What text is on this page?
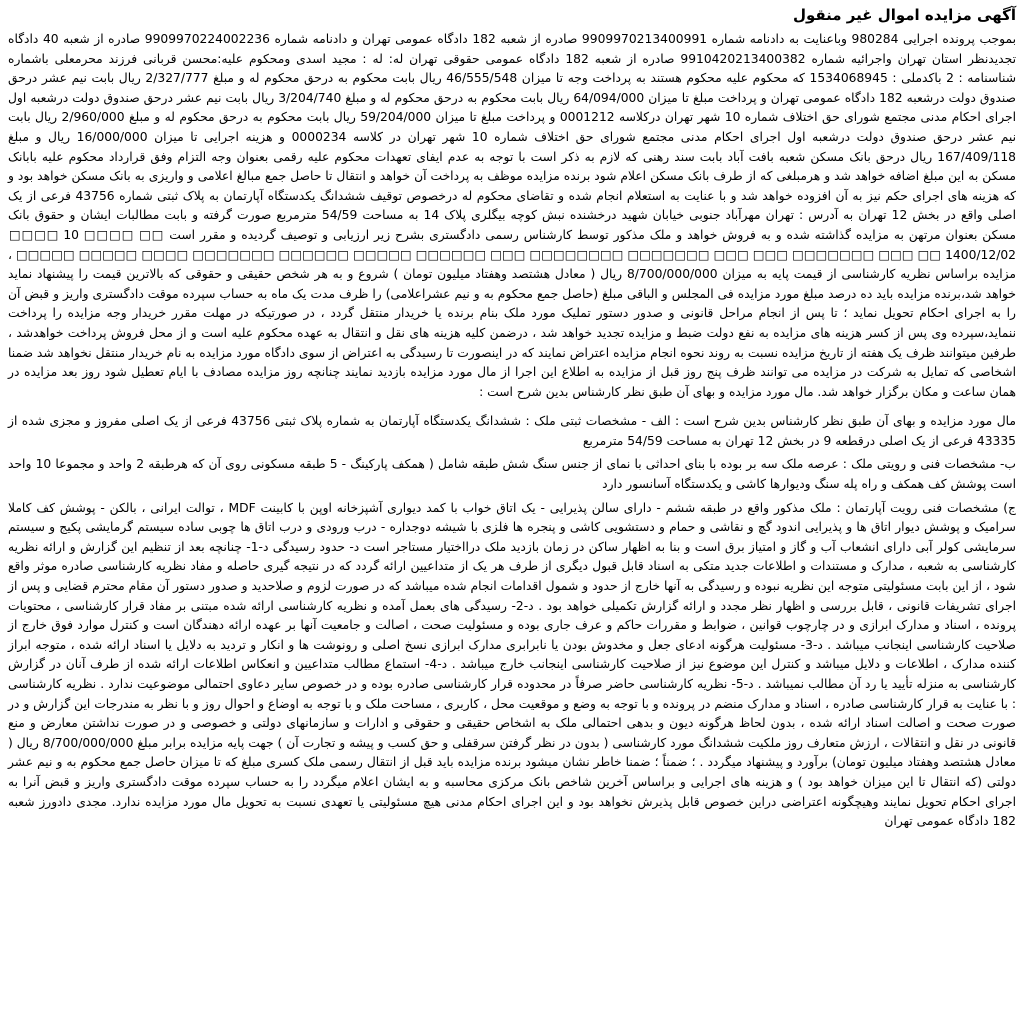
آگهی مزایده اموال غیر منقول
بموجب پرونده اجرایی 980284 وباعنایت به دادنامه شماره 9909970213400991 صادره از شعبه 182 دادگاه عمومی تهران و دادنامه شماره 9909970224002236 صادره از شعبه 40 دادگاه تجدیدنظر استان تهران واجرائیه شماره 9910420213400382 صادره از شعبه 182 دادگاه عمومی حقوقی تهران له: له : مجید اسدی ومحکوم علیه:محسن قربانی فرزند محرمعلی باشماره شناسنامه : 2 باکدملی : 1534068945 که محکوم علیه محکوم هستند به پرداخت وجه تا میزان 46/555/548 ریال بابت محکوم به درحق محکوم له و مبلغ 2/327/777 ریال بابت نیم عشر درحق صندوق دولت درشعبه 182 دادگاه عمومی تهران و پرداخت مبلغ تا میزان 64/094/000 ریال بابت محکوم به درحق محکوم له و مبلغ 3/204/740 ریال بابت نیم عشر درحق صندوق دولت درشعبه اول اجرای احکام مدنی مجتمع شورای حق اختلاف شماره 10 شهر تهران درکلاسه 0001212 و پرداخت مبلغ تا میزان 59/204/000 ریال بابت محکوم به درحق محکوم له و مبلغ 2/960/000 ریال بابت نیم عشر درحق صندوق دولت درشعبه اول اجرای احکام مدنی مجتمع شورای حق اختلاف شماره 10 شهر تهران در کلاسه 0000234 و هزینه اجرایی تا میزان 16/000/000 ریال و مبلغ 167/409/118 ریال درحق بانک مسکن شعبه بافت آباد بابت سند رهنی که لازم به ذکر است با توجه به عدم ایفای تعهدات محکوم علیه رقمی بعنوان وجه التزام وفق قرارداد محکوم علیه بابانک مسکن به این مبلغ اضافه خواهد شد و هرمبلغی که از طرف بانک مسکن اعلام شود برنده مزایده موظف به پرداخت آن خواهد و انتقال تا حاصل جمع مبالغ اعلامی و واریزی به بانک مسکن خواهد بود و که هزینه های اجرای حکم نیز به آن افزوده خواهد شد و با عنایت به استعلام انجام شده و تقاضای محکوم له درخصوص توقیف ششدانگ یکدستگاه آپارتمان به پلاک ثبتی شماره 43756 فرعی از یک اصلی واقع در بخش 12 تهران به آدرس : تهران مهرآباد جنوبی خیابان شهید درخشنده نبش کوچه بیگلری پلاک 14 به مساحت 54/59 مترمربع صورت گرفته و بابت مطالبات ایشان و حقوق بانک مسکن بعنوان مرتهن به مزایده گذاشته شده و به فروش خواهد و ملک مذکور توسط کارشناس رسمی دادگستری بشرح زیر ارزیابی و توصیف گردیده و مقرر است □□ □□□□ 10 □□□□ 1400/12/02 □□ □□□ □□□□□□□ □□□ □□□ □□□□□□□ □□□□□□□□ □□□ □□□□□□ □□□□□ □□□□□□ □□□□□□□ □□□□ □□□□□ □□□□□ ، مزایده براساس نظریه کارشناسی از قیمت پایه به میزان 8/700/000/000 ریال ( معادل هشتصد وهفتاد میلیون تومان ) شروع و به هر شخص حقیقی و حقوقی که بالاترین قیمت را پیشنهاد نماید خواهد شد،برنده مزایده باید ده درصد مبلغ مورد مزایده فی المجلس و الباقی مبلغ (حاصل جمع محکوم به و نیم عشراعلامی) را ظرف مدت یک ماه به حساب سپرده موقت دادگستری واریز و قبض آن را به اجرای احکام تحویل نماید ؛ تا پس از انجام مراحل قانونی و صدور دستور تملیک مورد ملک بنام برنده یا خریدار منتقل گردد ، در صورتیکه در مهلت مقرر خریدار وجه مزایده را پرداخت ننماید،سپرده وی پس از کسر هزینه های مزایده به نفع دولت ضبط و مزایده تجدید خواهد شد ، درضمن کلیه هزینه های نقل و انتقال به عهده محکوم علیه است و از محل فروش پرداخت خواهدشد ، طرفین میتوانند ظرف یک هفته از تاریخ مزایده نسبت به روند نحوه انجام مزایده اعتراض نمایند که در اینصورت تا رسیدگی به اعتراض از سوی دادگاه مورد مزایده به نام خریدار منتقل نخواهد شد ضمنا اشخاصی که تمایل به شرکت در مزایده می توانند ظرف پنج روز قبل از مزایده به اطلاع این اجرا از مال مورد مزایده بازدید نمایند چنانچه روز مزایده مصادف با ایام تعطیل شود روز بعد مزایده در همان ساعت و مکان برگزار خواهد شد. مال مورد مزایده و بهای آن طبق نظر کارشناس بدین شرح است :
مال مورد مزایده و بهای آن طبق نظر کارشناس بدین شرح است : الف - مشخصات ثبتی ملک : ششدانگ یکدستگاه آپارتمان به شماره پلاک ثبتی 43756 فرعی از یک اصلی مفروز و مجزی شده از 43335 فرعی از یک اصلی درقطعه 9 در بخش 12 تهران به مساحت 54/59 مترمربع
ب- مشخصات فنی و رویتی ملک : عرصه ملک سه بر بوده با بنای احداثی با نمای از جنس سنگ شش طبقه شامل ( همکف پارکینگ - 5 طبقه مسکونی روی آن که هرطبقه 2 واحد و مجموعا 10 واحد است پوشش کف همکف و راه پله سنگ ودیوارها کاشی و یکدستگاه آسانسور دارد
ج) مشخصات فنی رویت آپارتمان : ملک مذکور واقع در طبقه ششم - دارای سالن پذیرایی - یک اتاق خواب با کمد دیواری آشپزخانه اوپن با کابینت MDF ، توالت ایرانی ، بالکن - پوشش کف کاملا سرامیک و پوشش دیوار اتاق ها و پذیرایی اندود گچ و نقاشی و حمام و دستشویی کاشی و پنجره ها فلزی با شیشه دوجداره - درب ورودی و درب اتاق ها چوبی ساده سیستم گرمایشی پکیج و سیستم سرمایشی کولر آبی دارای انشعاب آب و گاز و امتیاز برق است و بنا به اظهار ساکن در زمان بازدید ملک درااختیار مستاجر است د- حدود رسیدگی د-1- چنانچه بعد از تنظیم این گزارش و ارائه نظریه کارشناسی به شعبه ، مدارک و مستندات و اطلاعات جدید متکی به اسناد قابل قبول دیگری از طرف هر یک از متداعیین ارائه گردد که در نتیجه گیری حاصله و مفاد نظریه کارشناسی صادره موثر واقع شود ، از این بابت مسئولیتی متوجه این نظریه نبوده و رسیدگی به آنها خارج از حدود و شمول اقدامات انجام شده میباشد که در صورت لزوم و صلاحدید و صدور دستور آن مقام محترم قضایی و پس از اجرای تشریفات قانونی ، قابل بررسی و اظهار نظر مجدد و ارائه گزارش تکمیلی خواهد بود . د-2- رسیدگی های بعمل آمده و نظریه کارشناسی ارائه شده مبتنی بر مفاد قرار کارشناسی ، محتویات پرونده ، اسناد و مدارک ابرازی و در چارچوب قوانین ، ضوابط و مقررات حاکم و عرف جاری بوده و مسئولیت صحت ، اصالت و جامعیت آنها بر عهده ارائه دهندگان است و کنترل موارد فوق خارج از صلاحیت کارشناسی اینجانب میباشد . د-3- مسئولیت هرگونه ادعای جعل و مخدوش بودن یا نابرابری مدارک ابرازی نسخ اصلی و رونوشت ها و انکار و تردید به دلایل یا اسناد ارائه شده ، متوجه ابراز کننده مدارک ، اطلاعات و دلایل میباشد و کنترل این موضوع نیز از صلاحیت کارشناسی اینجانب خارج میباشد . د-4- استماع مطالب متداعیین و انعکاس اطلاعات ارائه شده از طرف آنان در گزارش کارشناسی به منزله تأیید یا رد آن مطالب نمیباشد . د-5- نظریه کارشناسی حاضر صرفاً در محدوده قرار کارشناسی صادره بوده و در خصوص سایر دعاوی احتمالی موضوعیت ندارد . نظریه کارشناسی : با عنایت به قرار کارشناسی صادره ، اسناد و مدارک منضم در پرونده و با توجه به وضع و موقعیت محل ، کاربری ، مساحت ملک و با توجه به اوضاع و احوال روز و با نظر به مندرجات این گزارش و در صورت صحت و اصالت اسناد ارائه شده ، بدون لحاظ هرگونه دیون و بدهی احتمالی ملک به اشخاص حقیقی و حقوقی و ادارات و سازمانهای دولتی و خصوصی و در صورت نداشتن معارض و منع قانونی در نقل و انتقالات ، ارزش متعارف روز ملکیت ششدانگ مورد کارشناسی ( بدون در نظر گرفتن سرقفلی و حق کسب و پیشه و تجارت آن ) جهت پایه مزایده برابر مبلغ 8/700/000/000 ریال ( معادل هشتصد وهفتاد میلیون تومان) برآورد و پیشنهاد میگردد . ؛ ضمناً ؛ ضمنا خاطر نشان میشود برنده مزایده باید قبل از انتقال رسمی ملک کسری مبلغ که تا میزان حاصل جمع محکوم به و نیم عشر دولتی (که انتقال تا این میزان خواهد بود ) و هزینه های اجرایی و براساس آخرین شاخص بانک مرکزی محاسبه و به ایشان اعلام میگردد را به حساب سپرده موقت دادگستری واریز و قبض آنرا به اجرای احکام تحویل نمایند وهیچگونه اعتراضی دراین خصوص قابل پذیرش نخواهد بود و این اجرای احکام مدنی هیچ مسئولیتی یا تعهدی نسبت به تحویل مال مورد مزایده ندارد. مجدی دادورز شعبه 182 دادگاه عمومی تهران
